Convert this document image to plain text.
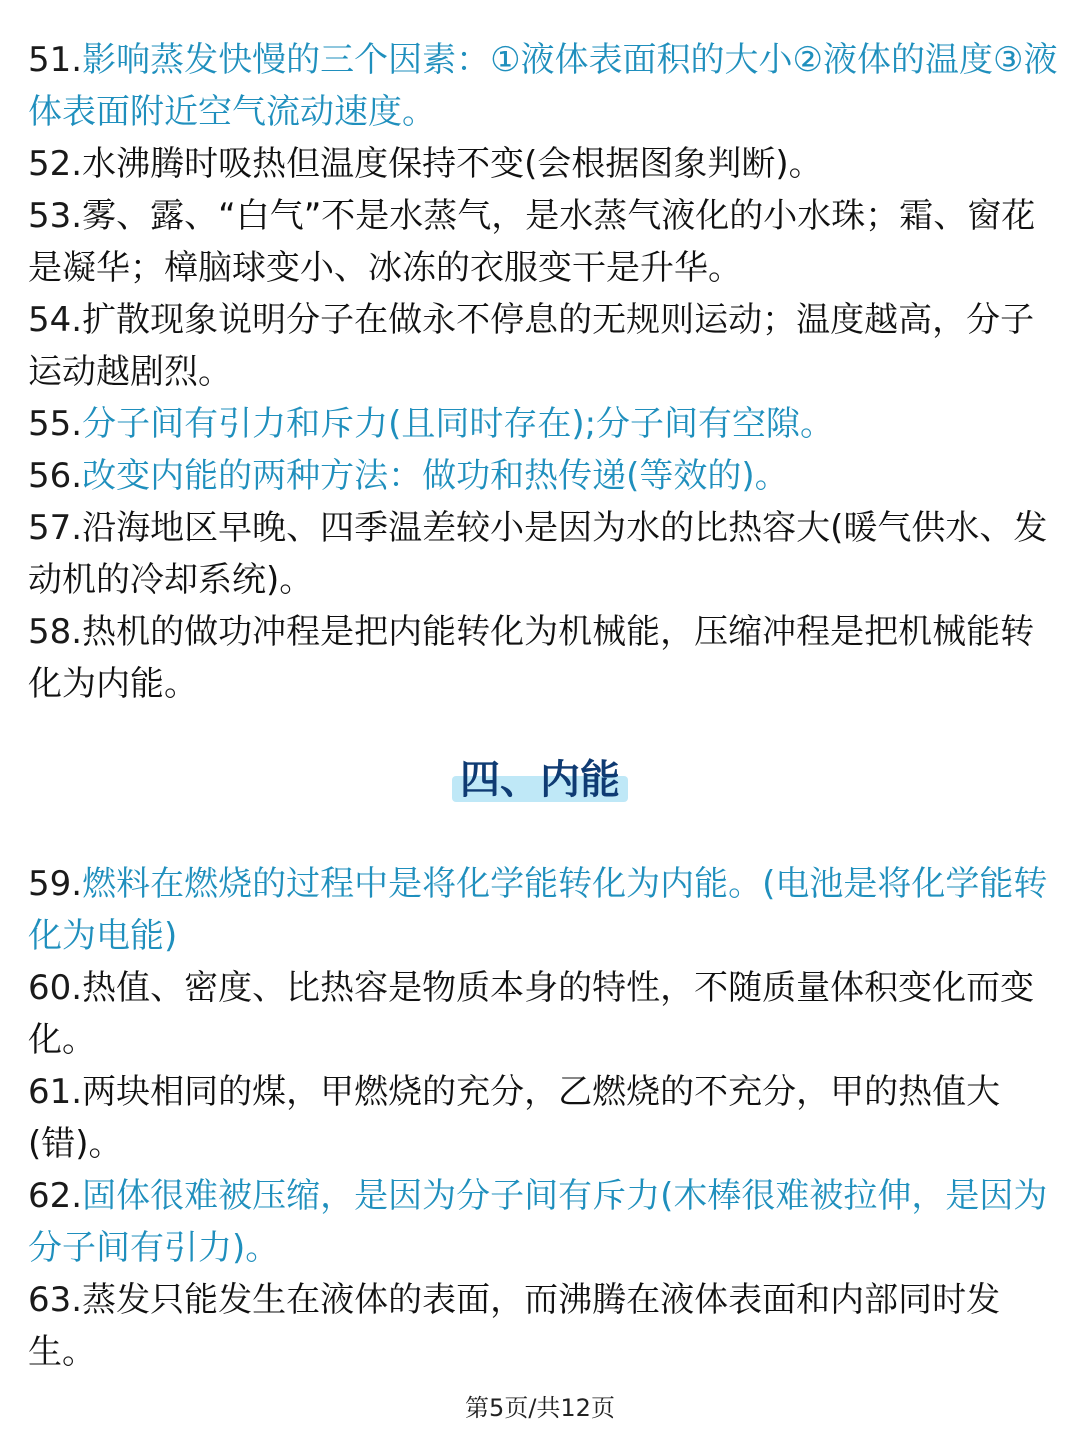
51.影响蒸发快慢的三个因素：①液体表面积的大小②液体的温度③液体表面附近空气流动速度。
52.水沸腾时吸热但温度保持不变(会根据图象判断)。
53.雾、露、“白气”不是水蒸气，是水蒸气液化的小水珠；霜、窗花是凝华；樟脑球变小、冰冻的衣服变干是升华。
54.扩散现象说明分子在做永不停息的无规则运动；温度越高，分子运动越剧烈。
55.分子间有引力和斥力(且同时存在);分子间有空隙。
56.改变内能的两种方法：做功和热传递(等效的)。
57.沿海地区早晚、四季温差较小是因为水的比热容大(暖气供水、发动机的冷却系统)。
58.热机的做功冲程是把内能转化为机械能，压缩冲程是把机械能转化为内能。
四、内能
59.燃料在燃烧的过程中是将化学能转化为内能。(电池是将化学能转化为电能)
60.热值、密度、比热容是物质本身的特性，不随质量体积变化而变化。
61.两块相同的煤，甲燃烧的充分，乙燃烧的不充分，甲的热值大(错)。
62.固体很难被压缩，是因为分子间有斥力(木棒很难被拉伸，是因为分子间有引力)。
63.蒸发只能发生在液体的表面，而沸腾在液体表面和内部同时发生。
第5页/共12页
